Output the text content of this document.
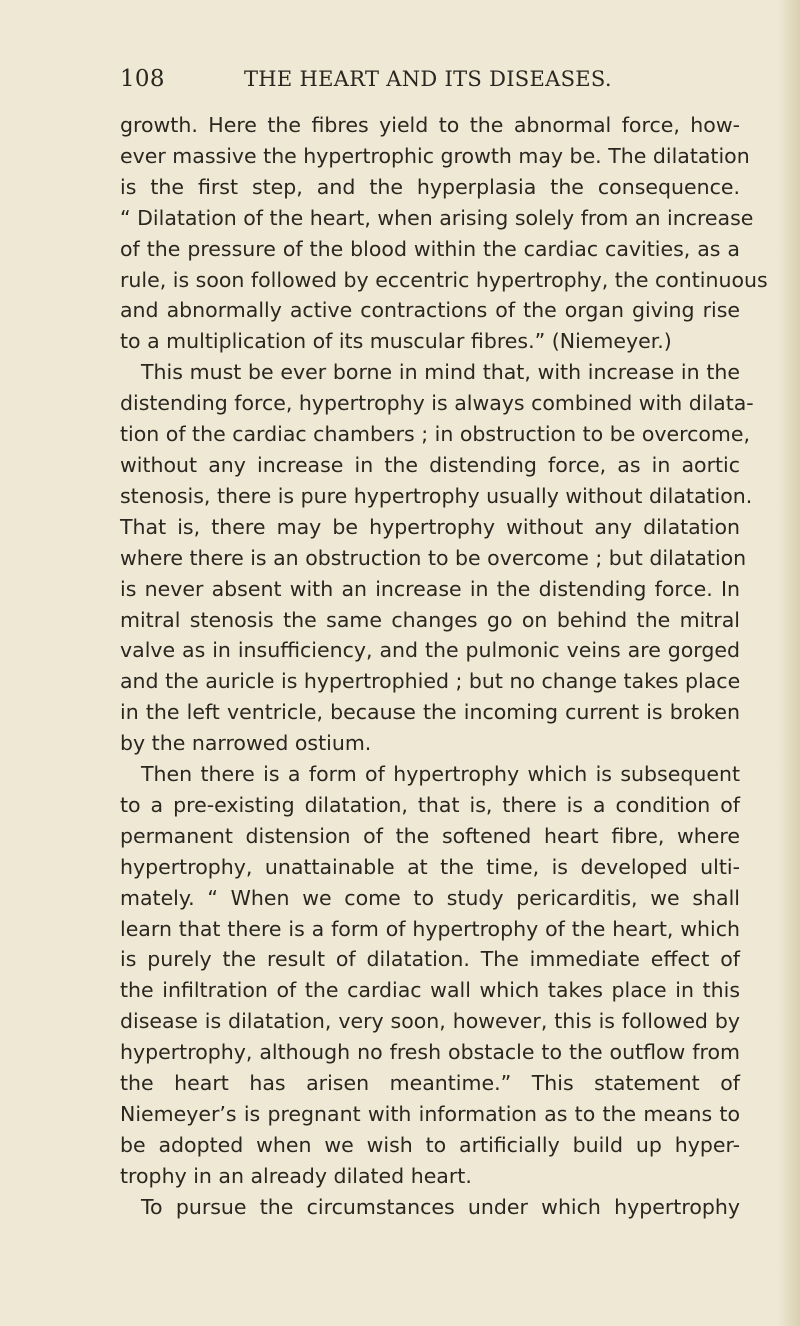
108	THE HEART AND ITS DISEASES.
growth. Here the fibres yield to the abnormal force, how-
ever massive the hypertrophic growth may be. The dilatation
is the first step, and the hyperplasia the consequence.
“ Dilatation of the heart, when arising solely from an increase
of the pressure of the blood within the cardiac cavities, as a
rule, is soon followed by eccentric hypertrophy, the continuous
and abnormally active contractions of the organ giving rise
to a multiplication of its muscular fibres.” (Niemeyer.)
This must be ever borne in mind that, with increase in the
distending force, hypertrophy is always combined with dilata-
tion of the cardiac chambers ; in obstruction to be overcome,
without any increase in the distending force, as in aortic
stenosis, there is pure hypertrophy usually without dilatation.
That is, there may be hypertrophy without any dilatation
where there is an obstruction to be overcome ; but dilatation
is never absent with an increase in the distending force. In
mitral stenosis the same changes go on behind the mitral
valve as in insufficiency, and the pulmonic veins are gorged
and the auricle is hypertrophied ; but no change takes place
in the left ventricle, because the incoming current is broken
by the narrowed ostium.
Then there is a form of hypertrophy which is subsequent
to a pre-existing dilatation, that is, there is a condition of
permanent distension of the softened heart fibre, where
hypertrophy, unattainable at the time, is developed ulti-
mately. “ When we come to study pericarditis, we shall
learn that there is a form of hypertrophy of the heart, which
is purely the result of dilatation. The immediate effect of
the infiltration of the cardiac wall which takes place in this
disease is dilatation, very soon, however, this is followed by
hypertrophy, although no fresh obstacle to the outflow from
the heart has arisen meantime.” This statement of
Niemeyer’s is pregnant with information as to the means to
be adopted when we wish to artificially build up hyper-
trophy in an already dilated heart.
To pursue the circumstances under which hypertrophy
